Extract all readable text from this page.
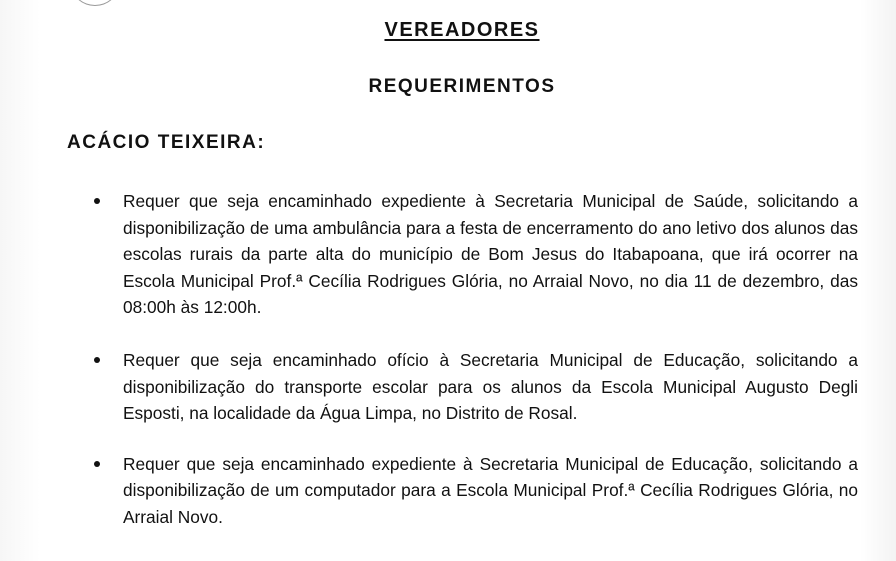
VEREADORES
REQUERIMENTOS
ACÁCIO TEIXEIRA:
Requer que seja encaminhado expediente à Secretaria Municipal de Saúde, solicitando a disponibilização de uma ambulância para a festa de encerramento do ano letivo dos alunos das escolas rurais da parte alta do município de Bom Jesus do Itabapoana, que irá ocorrer na Escola Municipal Prof.ª Cecília Rodrigues Glória, no Arraial Novo, no dia 11 de dezembro, das 08:00h às 12:00h.
Requer que seja encaminhado ofício à Secretaria Municipal de Educação, solicitando a disponibilização do transporte escolar para os alunos da Escola Municipal Augusto Degli Esposti, na localidade da Água Limpa, no Distrito de Rosal.
Requer que seja encaminhado expediente à Secretaria Municipal de Educação, solicitando a disponibilização de um computador para a Escola Municipal Prof.ª Cecília Rodrigues Glória, no Arraial Novo.
